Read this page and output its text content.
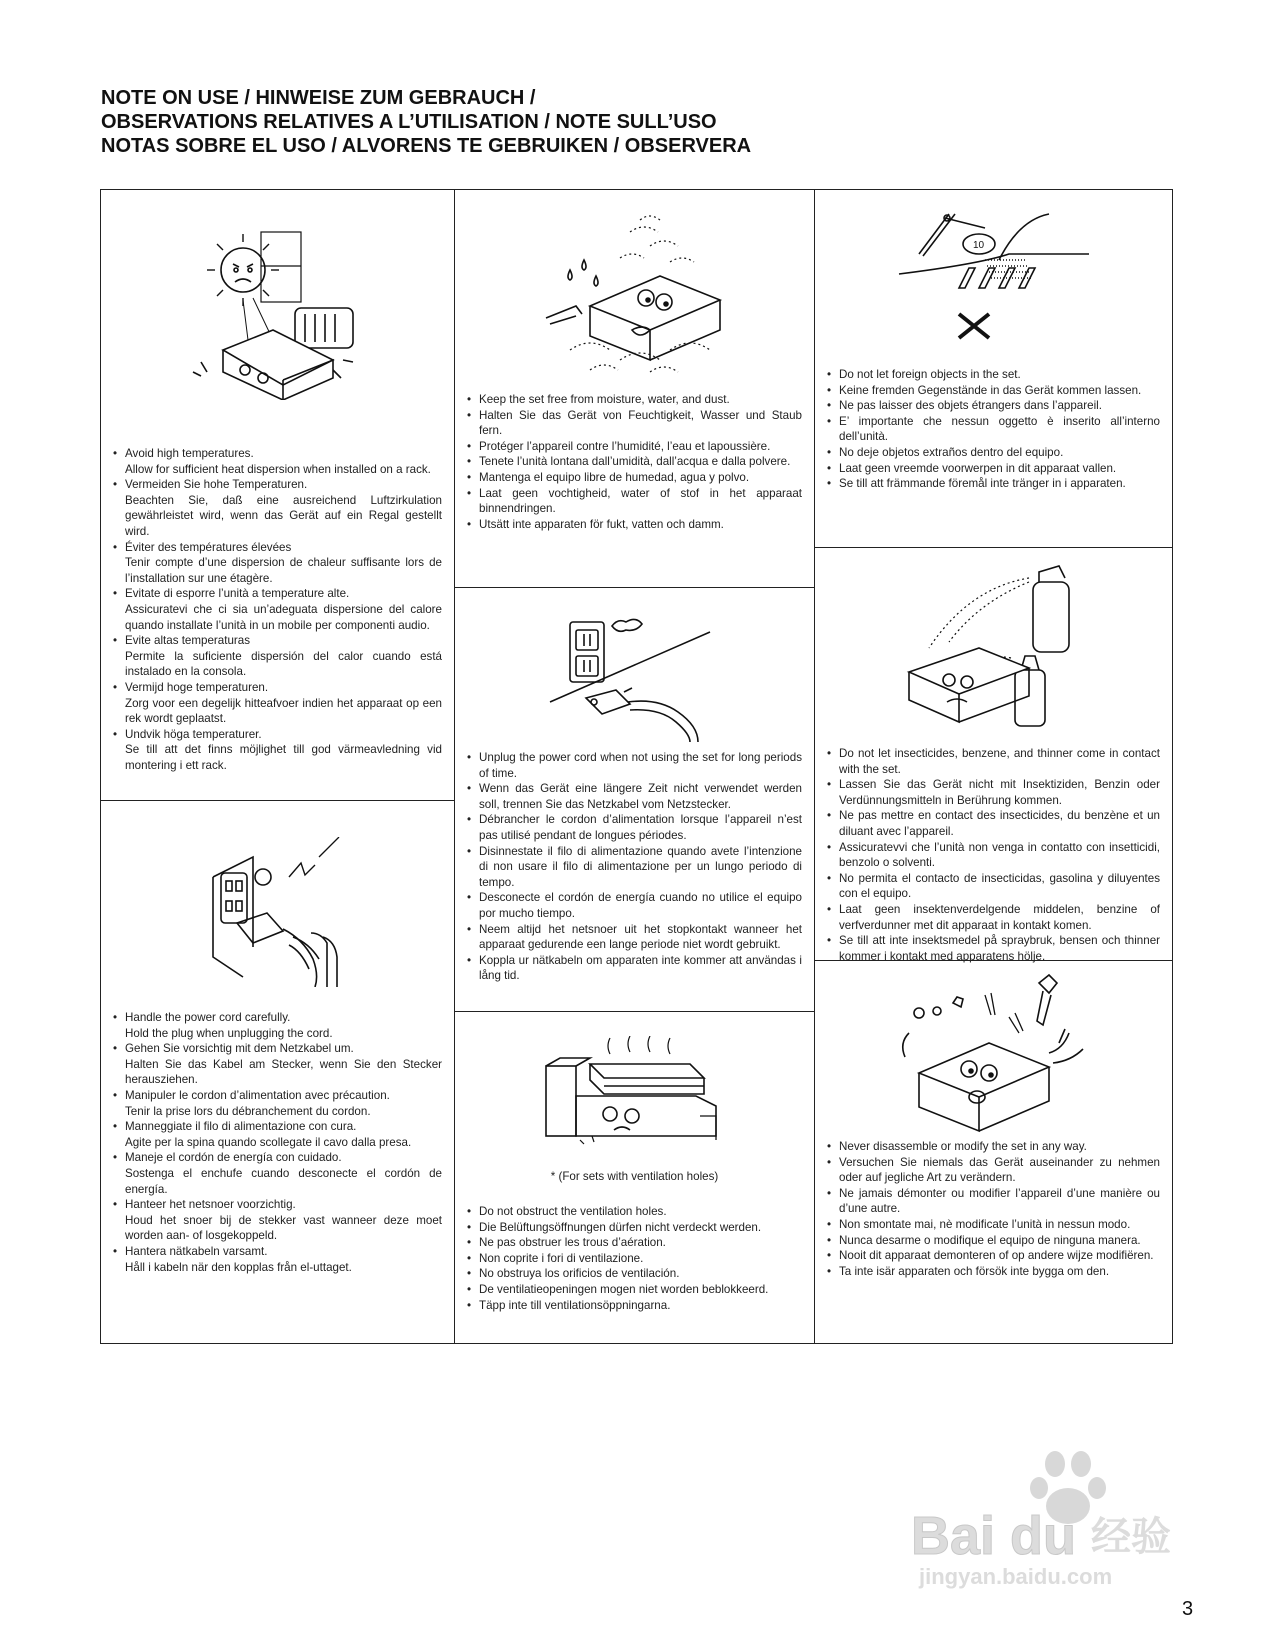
NOTE ON USE / HINWEISE ZUM GEBRAUCH /
OBSERVATIONS RELATIVES A L’UTILISATION / NOTE SULL’USO
NOTAS SOBRE EL USO / ALVORENS TE GEBRUIKEN / OBSERVERA
• Avoid high temperatures.
Allow for sufficient heat dispersion when installed on a rack.
• Vermeiden Sie hohe Temperaturen.
Beachten Sie, daß eine ausreichend Luftzirkulation gewährleistet wird, wenn das Gerät auf ein Regal gestellt wird.
• Éviter des températures élevées
Tenir compte d’une dispersion de chaleur suffisante lors de l’installation sur une étagère.
• Evitate di esporre l’unità a temperature alte.
Assicuratevi che ci sia un’adeguata dispersione del calore quando installate l’unità in un mobile per componenti audio.
• Evite altas temperaturas
Permite la suficiente dispersión del calor cuando está instalado en la consola.
• Vermijd hoge temperaturen.
Zorg voor een degelijk hitteafvoer indien het apparaat op een rek wordt geplaatst.
• Undvik höga temperaturer.
Se till att det finns möjlighet till god värmeavledning vid montering i ett rack.
• Handle the power cord carefully.
Hold the plug when unplugging the cord.
• Gehen Sie vorsichtig mit dem Netzkabel um.
Halten Sie das Kabel am Stecker, wenn Sie den Stecker herausziehen.
• Manipuler le cordon d’alimentation avec précaution.
Tenir la prise lors du débranchement du cordon.
• Manneggiate il filo di alimentazione con cura.
Agite per la spina quando scollegate il cavo dalla presa.
• Maneje el cordón de energía con cuidado.
Sostenga el enchufe cuando desconecte el cordón de energía.
• Hanteer het netsnoer voorzichtig.
Houd het snoer bij de stekker vast wanneer deze moet worden aan- of losgekoppeld.
• Hantera nätkabeln varsamt.
Håll i kabeln när den kopplas från el-uttaget.
• Keep the set free from moisture, water, and dust.
• Halten Sie das Gerät von Feuchtigkeit, Wasser und Staub fern.
• Protéger l’appareil contre l’humidité, l’eau et lapoussière.
• Tenete l’unità lontana dall’umidità, dall’acqua e dalla polvere.
• Mantenga el equipo libre de humedad, agua y polvo.
• Laat geen vochtigheid, water of stof in het apparaat binnendringen.
• Utsätt inte apparaten för fukt, vatten och damm.
• Unplug the power cord when not using the set for long periods of time.
• Wenn das Gerät eine längere Zeit nicht verwendet werden soll, trennen Sie das Netzkabel vom Netzstecker.
• Débrancher le cordon d’alimentation lorsque l’appareil n’est pas utilisé pendant de longues périodes.
• Disinnestate il filo di alimentazione quando avete l’intenzione di non usare il filo di alimentazione per un lungo periodo di tempo.
• Desconecte el cordón de energía cuando no utilice el equipo por mucho tiempo.
• Neem altijd het netsnoer uit het stopkontakt wanneer het apparaat gedurende een lange periode niet wordt gebruikt.
• Koppla ur nätkabeln om apparaten inte kommer att användas i lång tid.
* (For sets with ventilation holes)
• Do not obstruct the ventilation holes.
• Die Belüftungsöffnungen dürfen nicht verdeckt werden.
• Ne pas obstruer les trous d’aération.
• Non coprite i fori di ventilazione.
• No obstruya los orificios de ventilación.
• De ventilatieopeningen mogen niet worden beblokkeerd.
• Täpp inte till ventilationsöppningarna.
10
• Do not let foreign objects in the set.
• Keine fremden Gegenstände in das Gerät kommen lassen.
• Ne pas laisser des objets étrangers dans l’appareil.
• E’ importante che nessun oggetto è inserito all’interno dell’unità.
• No deje objetos extraños dentro del equipo.
• Laat geen vreemde voorwerpen in dit apparaat vallen.
• Se till att främmande föremål inte tränger in i apparaten.
• Do not let insecticides, benzene, and thinner come in contact with the set.
• Lassen Sie das Gerät nicht mit Insektiziden, Benzin oder Verdünnungsmitteln in Berührung kommen.
• Ne pas mettre en contact des insecticides, du benzène et un diluant avec l’appareil.
• Assicuratevvi che l’unità non venga in contatto con insetticidi, benzolo o solventi.
• No permita el contacto de insecticidas, gasolina y diluyentes con el equipo.
• Laat geen insektenverdelgende middelen, benzine of verfverdunner met dit apparaat in kontakt komen.
• Se till att inte insektsmedel på spraybruk, bensen och thinner kommer i kontakt med apparatens hölje.
• Never disassemble or modify the set in any way.
• Versuchen Sie niemals das Gerät auseinander zu nehmen oder auf jegliche Art zu verändern.
• Ne jamais démonter ou modifier l’appareil d’une manière ou d’une autre.
• Non smontate mai, nè modificate l’unità in nessun modo.
• Nunca desarme o modifique el equipo de ninguna manera.
• Nooit dit apparaat demonteren of op andere wijze modifiëren.
• Ta inte isär apparaten och försök inte bygga om den.
Bai du 经验
jingyan.baidu.com
3
